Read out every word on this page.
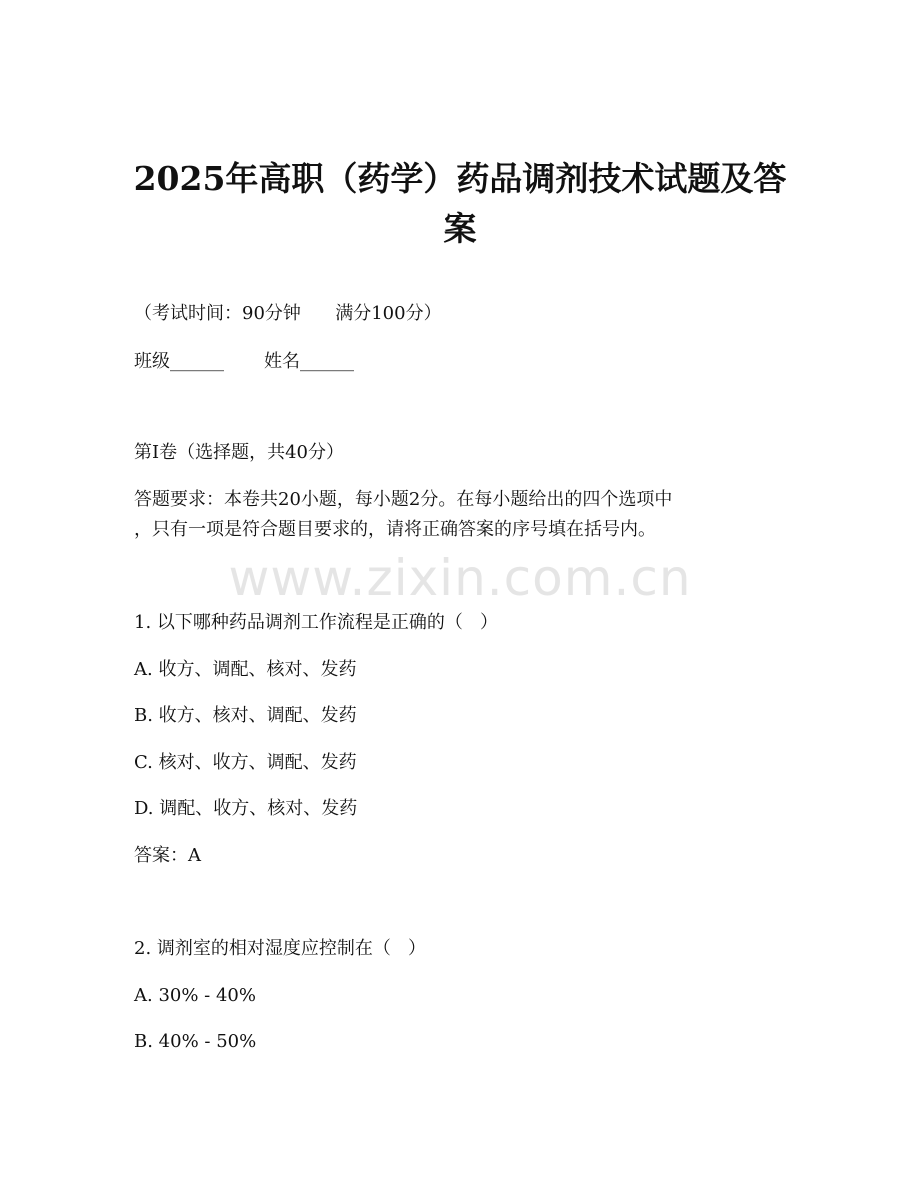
2025年高职（药学）药品调剂技术试题及答
案
（考试时间：90分钟      满分100分）
班级______       姓名______
第I卷（选择题，共40分）
答题要求：本卷共20小题，每小题2分。在每小题给出的四个选项中
，只有一项是符合题目要求的，请将正确答案的序号填在括号内。
www.zixin.com.cn
1. 以下哪种药品调剂工作流程是正确的（   ）
A. 收方、调配、核对、发药
B. 收方、核对、调配、发药
C. 核对、收方、调配、发药
D. 调配、收方、核对、发药
答案：A
2. 调剂室的相对湿度应控制在（   ）
A. 30% - 40%
B. 40% - 50%
